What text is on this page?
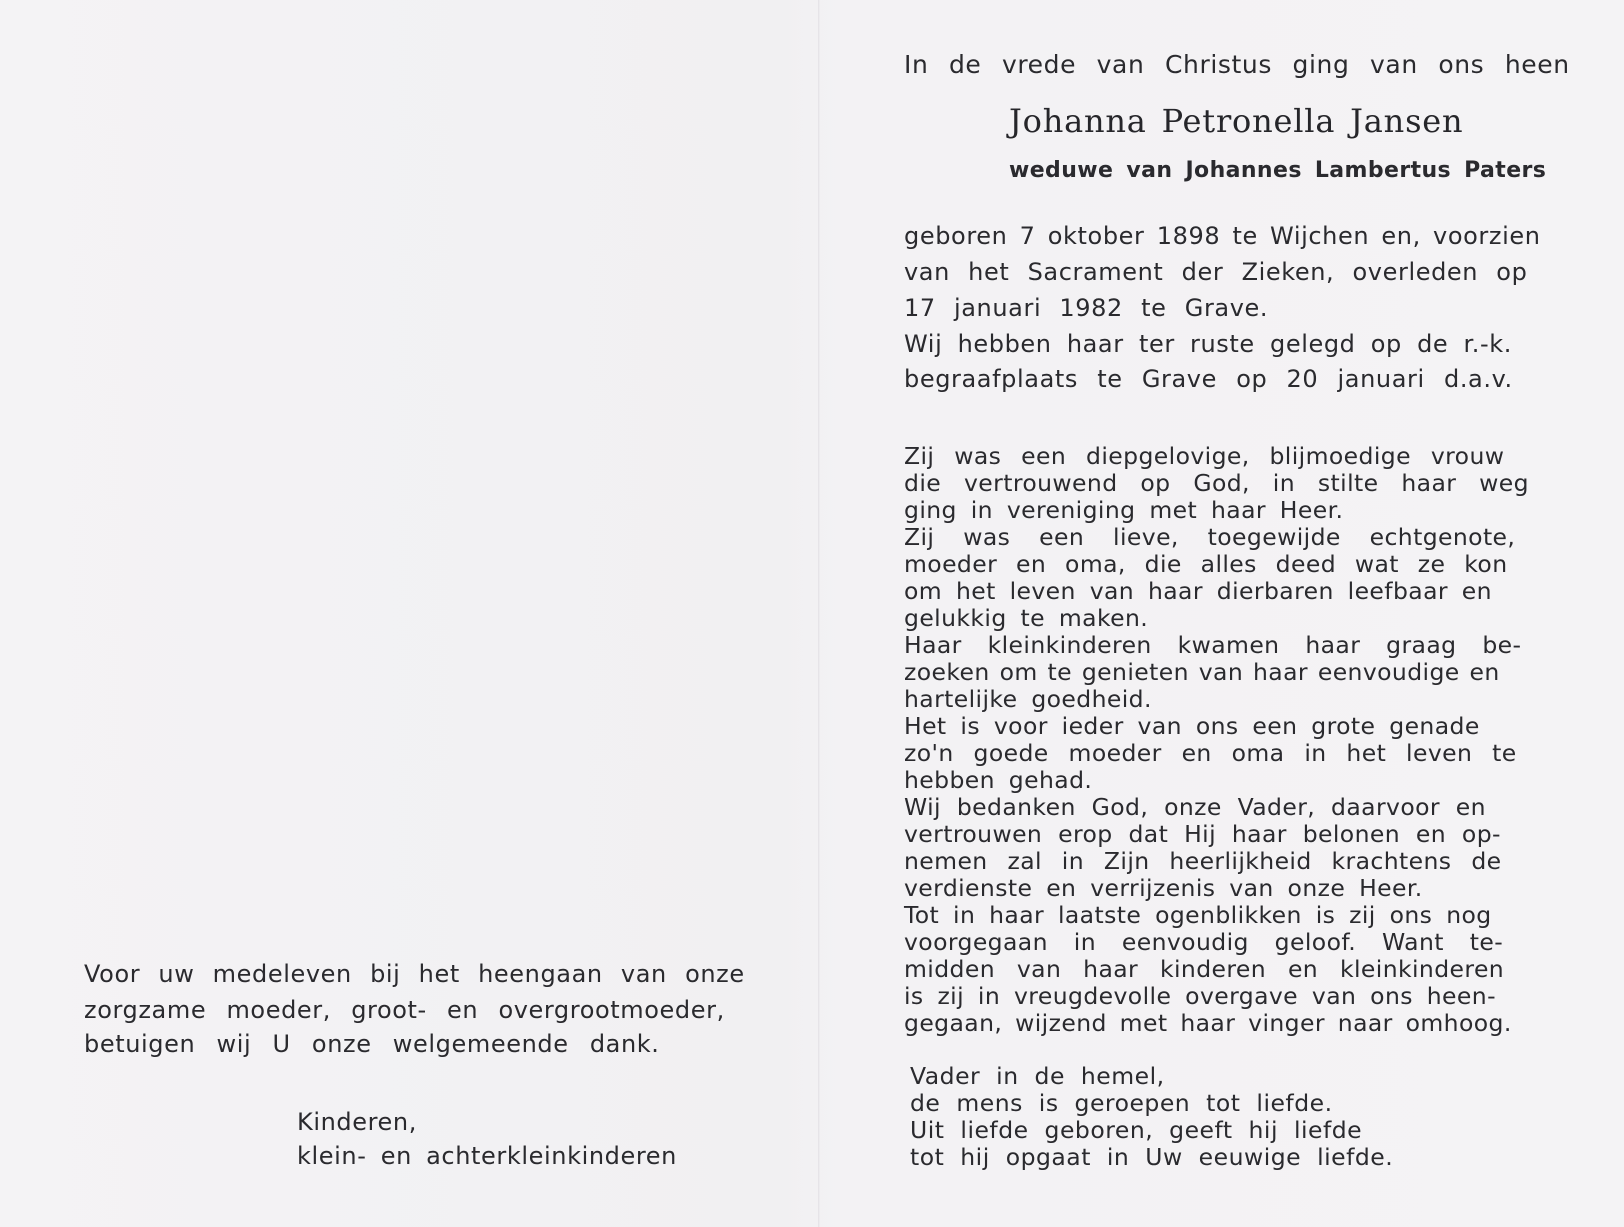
Voor uw medeleven bij het heengaan van onze
zorgzame moeder, groot- en overgrootmoeder,
betuigen wij U onze welgemeende dank.
Kinderen,
klein- en achterkleinkinderen
In de vrede van Christus ging van ons heen
Johanna Petronella Jansen
weduwe van Johannes Lambertus Paters
geboren 7 oktober 1898 te Wijchen en, voorzien
van het Sacrament der Zieken, overleden op
17 januari 1982 te Grave.
Wij hebben haar ter ruste gelegd op de r.-k.
begraafplaats te Grave op 20 januari d.a.v.
Zij was een diepgelovige, blijmoedige vrouw
die vertrouwend op God, in stilte haar weg
ging in vereniging met haar Heer.
Zij was een lieve, toegewijde echtgenote,
moeder en oma, die alles deed wat ze kon
om het leven van haar dierbaren leefbaar en
gelukkig te maken.
Haar kleinkinderen kwamen haar graag be-
zoeken om te genieten van haar eenvoudige en
hartelijke goedheid.
Het is voor ieder van ons een grote genade
zo'n goede moeder en oma in het leven te
hebben gehad.
Wij bedanken God, onze Vader, daarvoor en
vertrouwen erop dat Hij haar belonen en op-
nemen zal in Zijn heerlijkheid krachtens de
verdienste en verrijzenis van onze Heer.
Tot in haar laatste ogenblikken is zij ons nog
voorgegaan in eenvoudig geloof. Want te-
midden van haar kinderen en kleinkinderen
is zij in vreugdevolle overgave van ons heen-
gegaan, wijzend met haar vinger naar omhoog.
Vader in de hemel,
de mens is geroepen tot liefde.
Uit liefde geboren, geeft hij liefde
tot hij opgaat in Uw eeuwige liefde.
